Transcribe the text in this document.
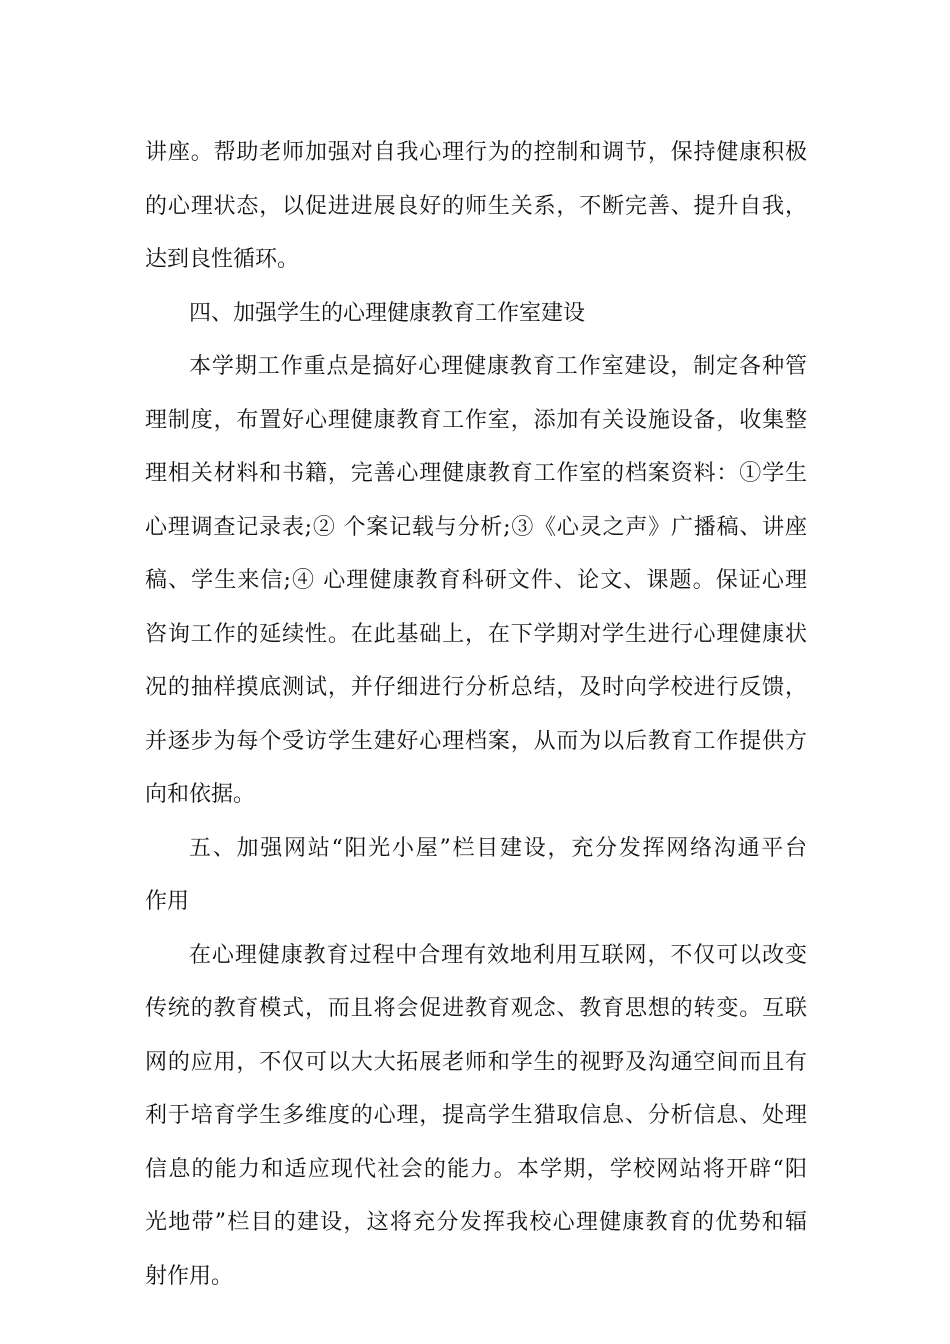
讲座。帮助老师加强对自我心理行为的控制和调节，保持健康积极
的心理状态，以促进进展良好的师生关系，不断完善、提升自我，
达到良性循环。
四、加强学生的心理健康教育工作室建设
本学期工作重点是搞好心理健康教育工作室建设，制定各种管
理制度，布置好心理健康教育工作室，添加有关设施设备，收集整
理相关材料和书籍，完善心理健康教育工作室的档案资料：①学生
心理调查记录表;② 个案记载与分析;③《心灵之声》广播稿、讲座
稿、学生来信;④ 心理健康教育科研文件、论文、课题。保证心理
咨询工作的延续性。在此基础上，在下学期对学生进行心理健康状
况的抽样摸底测试，并仔细进行分析总结，及时向学校进行反馈，
并逐步为每个受访学生建好心理档案，从而为以后教育工作提供方
向和依据。
五、加强网站“阳光小屋”栏目建设，充分发挥网络沟通平台
作用
在心理健康教育过程中合理有效地利用互联网，不仅可以改变
传统的教育模式，而且将会促进教育观念、教育思想的转变。互联
网的应用，不仅可以大大拓展老师和学生的视野及沟通空间而且有
利于培育学生多维度的心理，提高学生猎取信息、分析信息、处理
信息的能力和适应现代社会的能力。本学期，学校网站将开辟“阳
光地带”栏目的建设，这将充分发挥我校心理健康教育的优势和辐
射作用。
